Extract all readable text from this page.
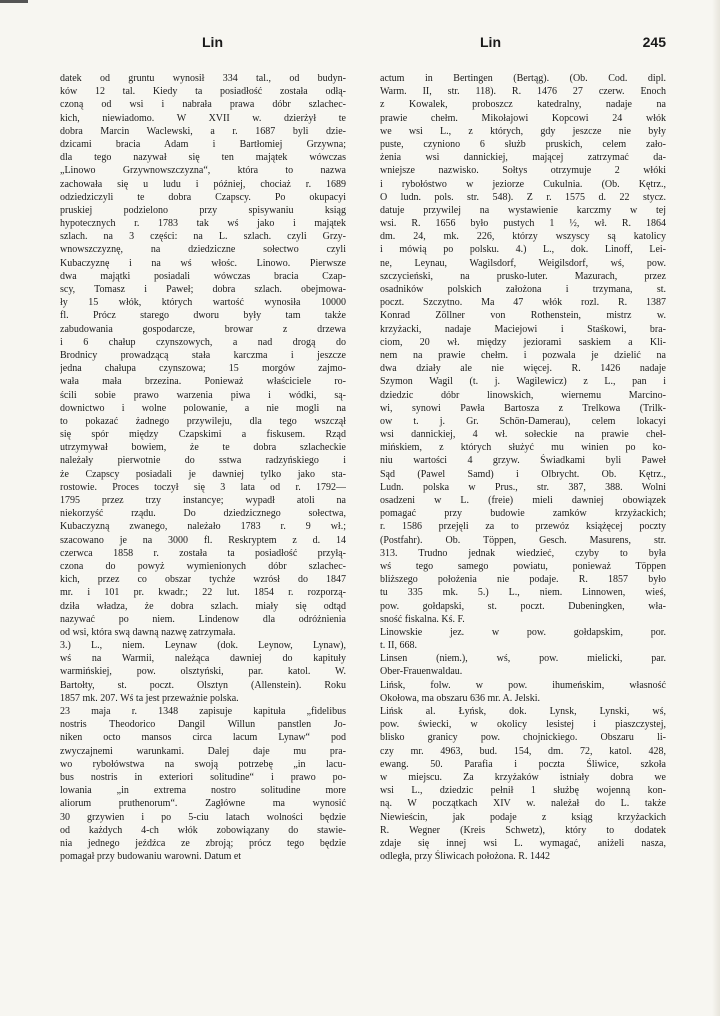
Lin	Lin	245
datek od gruntu wynosił 334 tal., od budyn-
ków 12 tal. Kiedy ta posiadłość została odłą-
czoną od wsi i nabrała prawa dóbr szlachec-
kich, niewiadomo. W XVII w. dzierżył te
dobra Marcin Waclewski, a r. 1687 byli dzie-
dzicami bracia Adam i Bartłomiej Grzywna;
dla tego nazywał się ten majątek wówczas
„Linowo Grzywnowszczyzna“, która to nazwa
zachowała się u ludu i później, chociaż r. 1689
odziedziczyli te dobra Czapscy. Po okupacyi
pruskiej podzielono przy spisywaniu ksiąg
hypotecznych r. 1783 tak wś jako i majątek
szlach. na 3 części: na L. szlach. czyli Grzy-
wnowszczyznę, na dziedziczne sołectwo czyli
Kubaczyznę i na wś włośc. Linowo. Pierwsze
dwa majątki posiadali wówczas bracia Czap-
scy, Tomasz i Paweł; dobra szlach. obejmowa-
ły 15 włók, których wartość wynosiła 10000
fl. Prócz starego dworu były tam także
zabudowania gospodarcze, browar z drzewa
i 6 chałup czynszowych, a nad drogą do
Brodnicy prowadzącą stała karczma i jeszcze
jedna chałupa czynszowa; 15 morgów zajmo-
wała mała brzezina. Ponieważ właściciele ro-
ścili sobie prawo warzenia piwa i wódki, są-
downictwo i wolne polowanie, a nie mogli na
to pokazać żadnego przywileju, dla tego wszczął
się spór między Czapskimi a fiskusem. Rząd
utrzymywał bowiem, że te dobra szlacheckie
należały pierwotnie do sstwa radzyńskiego i
że Czapscy posiadali je dawniej tylko jako sta-
rostowie. Proces toczył się 3 lata od r. 1792—
1795 przez trzy instancye; wypadł atoli na
niekorzyść rządu. Do dziedzicznego sołectwa,
Kubaczyzną zwanego, należało 1783 r. 9 wł.;
szacowano je na 3000 fl. Reskryptem z d. 14
czerwca 1858 r. została ta posiadłość przyłą-
czona do powyż wymienionych dóbr szlachec-
kich, przez co obszar tychże wzrósł do 1847
mr. i 101 pr. kwadr.; 22 lut. 1854 r. rozporzą-
dziła władza, że dobra szlach. miały się odtąd
nazywać po niem. Lindenow dla odróżnienia
od wsi, która swą dawną nazwę zatrzymała.
3.) L., niem. Leynaw (dok. Leynow, Lynaw),
wś na Warmii, należąca dawniej do kapituły
warmińskiej, pow. olsztyński, par. katol. W.
Bartołty, st. poczt. Olsztyn (Allenstein). Roku
1857 mk. 207. Wś ta jest przeważnie polska.
23 maja r. 1348 zapisuje kapituła „fidelibus
nostris Theodorico Dangil Willun panstlen Jo-
niken octo mansos circa lacum Lynaw“ pod
zwyczajnemi warunkami. Dalej daje mu pra-
wo rybołówstwa na swoją potrzebę „in lacu-
bus nostris in exteriori solitudine“ i prawo po-
lowania „in extrema nostro solitudine more
aliorum pruthenorum“. Zagłówne ma wynosić
30 grzywien i po 5-ciu latach wolności będzie
od każdych 4-ch włók zobowiązany do stawie-
nia jednego jeźdźca ze zbroją; prócz tego będzie
pomagał przy budowaniu warowni. Datum et
actum in Bertingen (Bertąg). (Ob. Cod. dipl.
Warm. II, str. 118). R. 1476 27 czerw. Enoch
z Kowalek, proboszcz katedralny, nadaje na
prawie chełm. Mikołajowi Kopcowi 24 włók
we wsi L., z których, gdy jeszcze nie były
puste, czyniono 6 służb pruskich, celem zało-
żenia wsi dannickiej, mającej zatrzymać da-
wniejsze nazwisko. Sołtys otrzymuje 2 włóki
i rybołóstwo w jeziorze Cukulnia. (Ob. Kętrz.,
O ludn. pols. str. 548). Z r. 1575 d. 22 stycz.
datuje przywilej na wystawienie karczmy w tej
wsi. R. 1656 było pustych 1 ½, wł. R. 1864
dm. 24, mk. 226, którzy wszyscy są katolicy
i mówią po polsku. 4.) L., dok. Linoff, Lei-
ne, Leynau, Wagilsdorf, Weigilsdorf, wś, pow.
szczycieński, na prusko-luter. Mazurach, przez
osadników polskich założona i trzymana, st.
poczt. Szczytno. Ma 47 włók rozl. R. 1387
Konrad Zöllner von Rothenstein, mistrz w.
krzyżacki, nadaje Maciejowi i Staśkowi, bra-
ciom, 20 wł. między jeziorami saskiem a Kli-
nem na prawie chełm. i pozwala je dzielić na
dwa działy ale nie więcej. R. 1426 nadaje
Szymon Wagil (t. j. Wagilewicz) z L., pan i
dziedzic dóbr linowskich, wiernemu Marcino-
wi, synowi Pawła Bartosza z Trelkowa (Trilk-
ow t. j. Gr. Schön-Damerau), celem lokacyi
wsi dannickiej, 4 wł. sołeckie na prawie cheł-
mińskiem, z których służyć mu winien po ko-
niu wartości 4 grzyw. Świadkami byli Paweł
Sąd (Pawel Samd) i Olbrycht. Ob. Kętrz.,
Ludn. polska w Prus., str. 387, 388. Wolni
osadzeni w L. (freie) mieli dawniej obowiązek
pomagać przy budowie zamków krzyżackich;
r. 1586 przejęli za to przewóz książęcej poczty
(Postfahr). Ob. Töppen, Gesch. Masurens, str.
313. Trudno jednak wiedzieć, czyby to była
wś tego samego powiatu, ponieważ Töppen
bliższego położenia nie podaje. R. 1857 było
tu 335 mk. 5.) L., niem. Linnowen, wieś,
pow. gołdapski, st. poczt. Dubeningken, wła-
sność fiskalna. Kś. F.
Linowskie jez. w pow. gołdapskim, por.
t. II, 668.
Linsen (niem.), wś, pow. mielicki, par.
Ober-Frauenwaldau.
Lińsk, folw. w pow. ihumeńskim, własność
Okołowa, ma obszaru 636 mr. A. Jelski.
Lińsk al. Łyńsk, dok. Lynsk, Lynski, wś,
pow. świecki, w okolicy lesistej i piaszczystej,
blisko granicy pow. chojnickiego. Obszaru li-
czy mr. 4963, bud. 154, dm. 72, katol. 428,
ewang. 50. Parafia i poczta Śliwice, szkoła
w miejscu. Za krzyżaków istniały dobra we
wsi L., dziedzic pełnił 1 służbę wojenną kon-
ną. W początkach XIV w. należał do L. także
Niewieścin, jak podaje z ksiąg krzyżackich
R. Wegner (Kreis Schwetz), który to dodatek
zdaje się innej wsi L. wymagać, aniżeli nasza,
odległa, przy Śliwicach położona. R. 1442
